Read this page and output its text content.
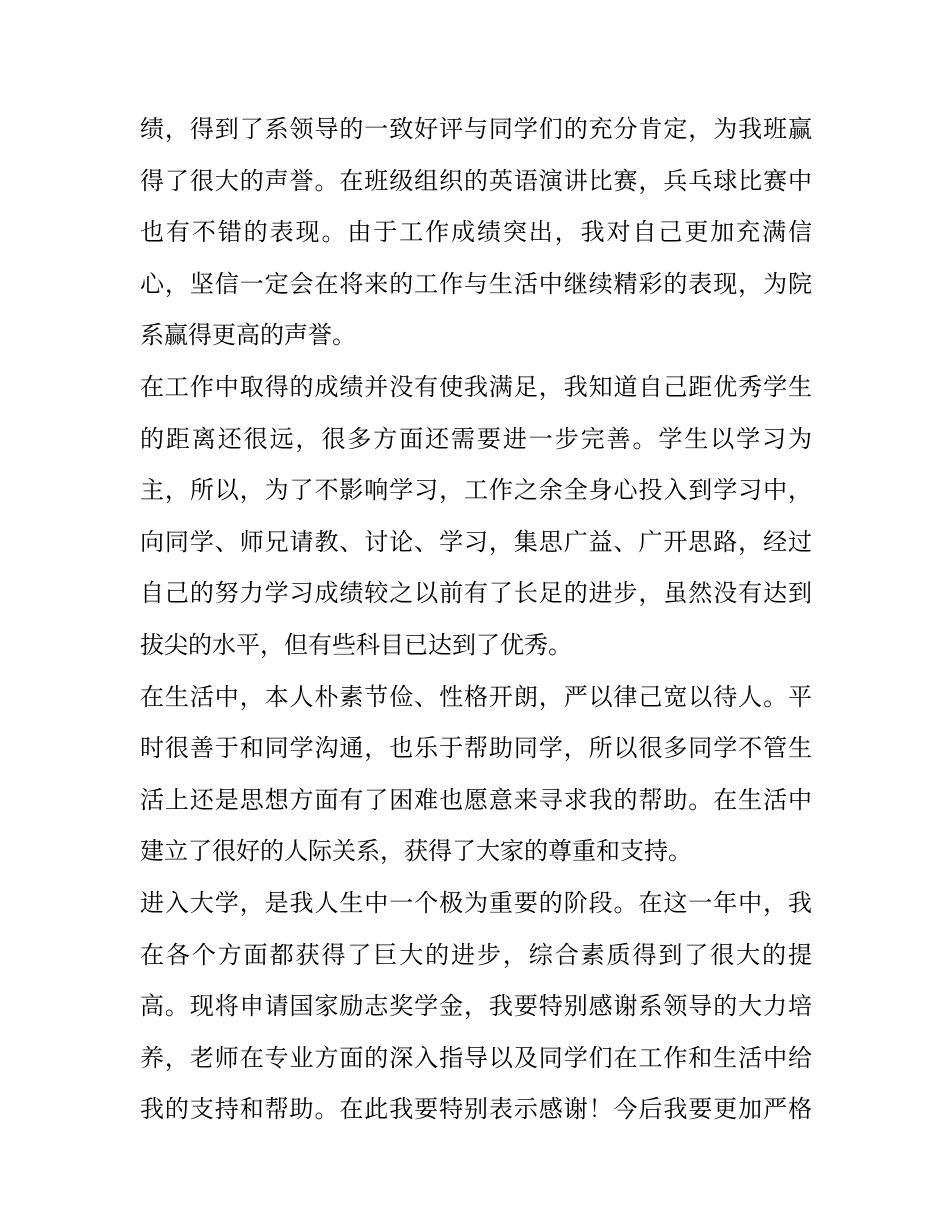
绩，得到了系领导的一致好评与同学们的充分肯定，为我班赢
得了很大的声誉。在班级组织的英语演讲比赛，兵乓球比赛中
也有不错的表现。由于工作成绩突出，我对自己更加充满信
心，坚信一定会在将来的工作与生活中继续精彩的表现，为院
系赢得更高的声誉。
在工作中取得的成绩并没有使我满足，我知道自己距优秀学生
的距离还很远，很多方面还需要进一步完善。学生以学习为
主，所以，为了不影响学习，工作之余全身心投入到学习中，
向同学、师兄请教、讨论、学习，集思广益、广开思路，经过
自己的努力学习成绩较之以前有了长足的进步，虽然没有达到
拔尖的水平，但有些科目已达到了优秀。
在生活中，本人朴素节俭、性格开朗，严以律己宽以待人。平
时很善于和同学沟通，也乐于帮助同学，所以很多同学不管生
活上还是思想方面有了困难也愿意来寻求我的帮助。在生活中
建立了很好的人际关系，获得了大家的尊重和支持。
进入大学，是我人生中一个极为重要的阶段。在这一年中，我
在各个方面都获得了巨大的进步，综合素质得到了很大的提
高。现将申请国家励志奖学金，我要特别感谢系领导的大力培
养，老师在专业方面的深入指导以及同学们在工作和生活中给
我的支持和帮助。在此我要特别表示感谢！今后我要更加严格
